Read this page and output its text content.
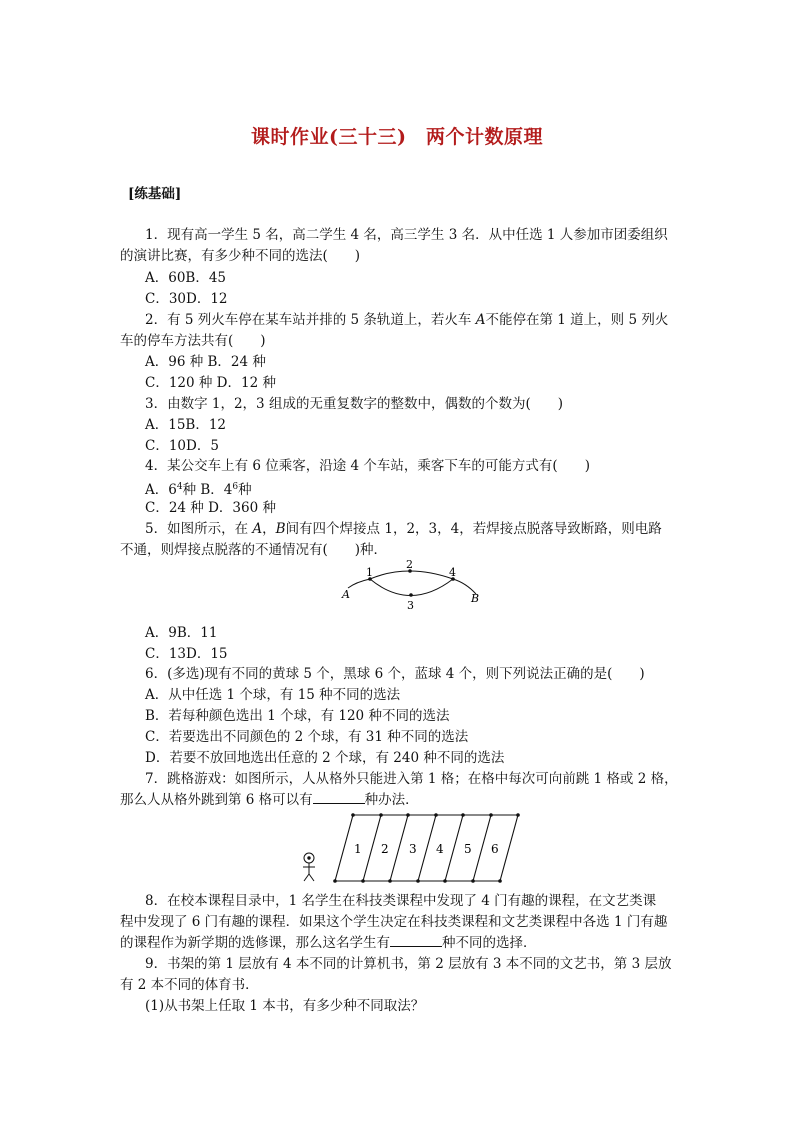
课时作业(三十三)　两个计数原理
[练基础]
1．现有高一学生 5 名，高二学生 4 名，高三学生 3 名．从中任选 1 人参加市团委组织
的演讲比赛，有多少种不同的选法(　　)
A．60B．45
C．30D．12
2．有 5 列火车停在某车站并排的 5 条轨道上，若火车 A不能停在第 1 道上，则 5 列火
车的停车方法共有(　　)
A．96 种 B．24 种
C．120 种 D．12 种
3．由数字 1，2，3 组成的无重复数字的整数中，偶数的个数为(　　)
A．15B．12
C．10D．5
4．某公交车上有 6 位乘客，沿途 4 个车站，乘客下车的可能方式有(　　)
A．$6^4$种 B．$4^6$种
C．24 种 D．360 种
5．如图所示，在 A，B间有四个焊接点 1，2，3，4，若焊接点脱落导致断路，则电路
不通，则焊接点脱落的不通情况有(　　)种．
A	B
1
2
4
3
A．9B．11
C．13D．15
6．(多选)现有不同的黄球 5 个，黑球 6 个，蓝球 4 个，则下列说法正确的是(　　)
A．从中任选 1 个球，有 15 种不同的选法
B．若每种颜色选出 1 个球，有 120 种不同的选法
C．若要选出不同颜色的 2 个球，有 31 种不同的选法
D．若要不放回地选出任意的 2 个球，有 240 种不同的选法
7．跳格游戏：如图所示，人从格外只能进入第 1 格；在格中每次可向前跳 1 格或 2 格，
那么人从格外跳到第 6 格可以有	种办法．
1 2 3 4 5 6
8．在校本课程目录中，1 名学生在科技类课程中发现了 4 门有趣的课程，在文艺类课
程中发现了 6 门有趣的课程．如果这个学生决定在科技类课程和文艺类课程中各选 1 门有趣
的课程作为新学期的选修课，那么这名学生有	种不同的选择．
9．书架的第 1 层放有 4 本不同的计算机书，第 2 层放有 3 本不同的文艺书，第 3 层放
有 2 本不同的体育书．
(1)从书架上任取 1 本书，有多少种不同取法？
